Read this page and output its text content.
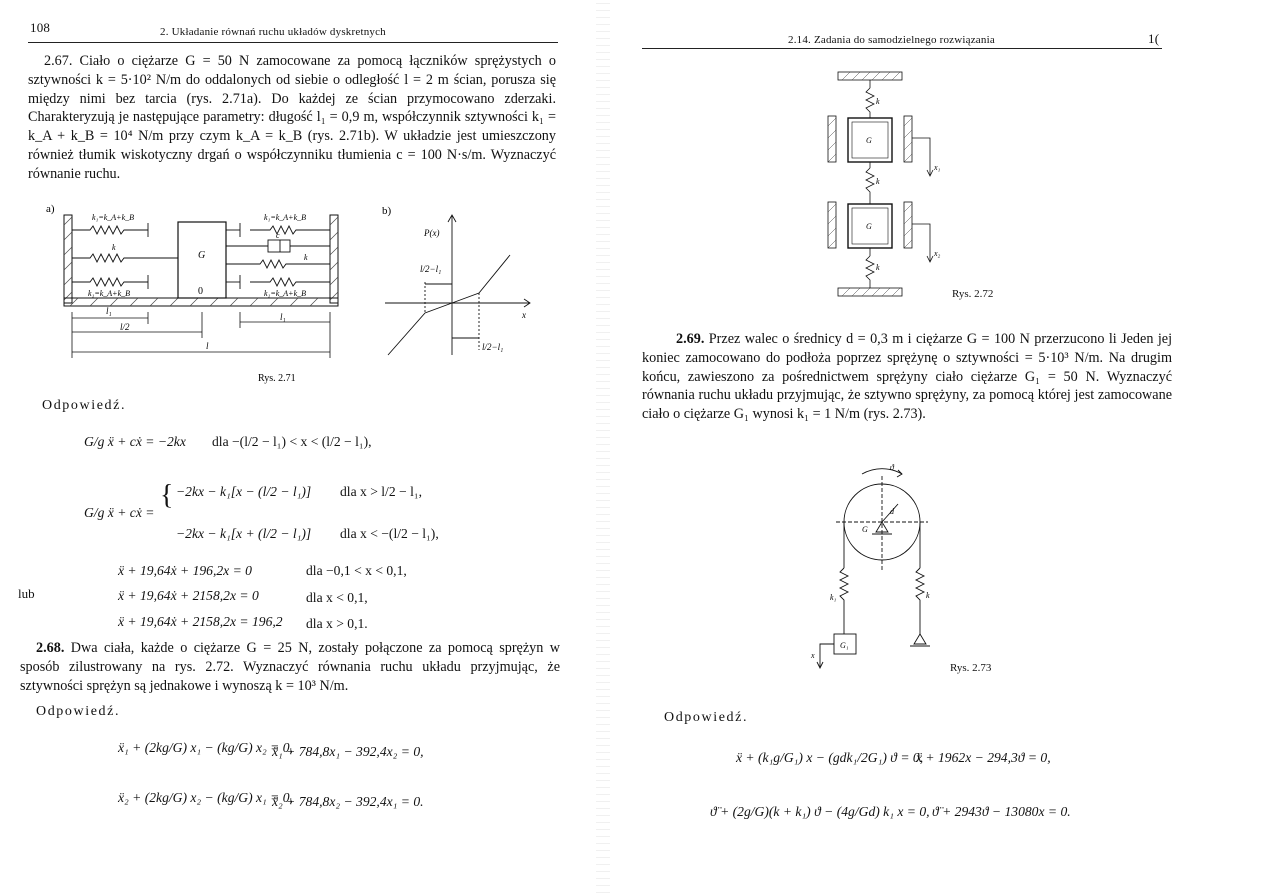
108	2. Układanie równań ruchu układów dyskretnych
2.67. Ciało o ciężarze G = 50 N zamocowane za pomocą łączników sprężystych o sztywności k = 5·10² N/m do oddalonych od siebie o odległość l = 2 m ścian, porusza się między nimi bez tarcia (rys. 2.71a). Do każdej ze ścian przymocowano zderzaki. Charakteryzują je następujące parametry: długość l₁ = 0,9 m, współczynnik sztywności k₁ = k_A + k_B = 10⁴ N/m przy czym k_A = k_B (rys. 2.71b). W układzie jest umieszczony również tłumik wiskotyczny drgań o współczynniku tłumienia c = 100 N·s/m. Wyznaczyć równanie ruchu.
a)	b)
G
0
k₁=k_A+k_B
k
k₁=k_A+k_B
k₁=k_A+k_B
c
k
k₁=k_A+k_B
l₁
l/2
l
l₁
P(x)
x
l/2−l₁
l/2−l₁
Rys. 2.71
Odpowiedź.
G/g ẍ + cẋ = −2kx dla −(l/2 − l₁) < x < (l/2 − l₁),
G/g ẍ + cẋ =
{ −2kx − k₁[x − (l/2 − l₁)] dla x > l/2 − l₁,
−2kx − k₁[x + (l/2 − l₁)] dla x < −(l/2 − l₁),
ẍ + 19,64ẋ + 196,2x = 0	dla −0,1 < x < 0,1,
lub	ẍ + 19,64ẋ + 2158,2x = 0	dla x < 0,1,
ẍ + 19,64ẋ + 2158,2x = 196,2 dla x > 0,1.
2.68. Dwa ciała, każde o ciężarze G = 25 N, zostały połączone za pomocą sprężyn w sposób zilustrowany na rys. 2.72. Wyznaczyć równania ruchu układu przyjmując, że sztywności sprężyn są jednakowe i wynoszą k = 10³ N/m.
Odpowiedź.
ẍ₁ + (2kg/G) x₁ − (kg/G) x₂ = 0,
ẍ₁ + 784,8x₁ − 392,4x₂ = 0,
ẍ₂ + (2kg/G) x₂ − (kg/G) x₁ = 0,
ẍ₂ + 784,8x₂ − 392,4x₁ = 0.
2.14. Zadania do samodzielnego rozwiązania	1(
k
G
x₁
k
G
x₂
k
Rys. 2.72
2.69. Przez walec o średnicy d = 0,3 m i ciężarze G = 100 N przerzucono li Jeden jej koniec zamocowano do podłoża poprzez sprężynę o sztywności = 5·10³ N/m. Na drugim końcu, zawieszono za pośrednictwem sprężyny ciało ciężarze G₁ = 50 N. Wyznaczyć równania ruchu układu przyjmując, że sztywno sprężyny, za pomocą której jest zamocowane ciało o ciężarze G₁ wynosi k₁ = 1 N/m (rys. 2.73).
ϑ
d
G
k₁	k
G₁
x
Rys. 2.73
Odpowiedź.
ẍ + (k₁g/G₁) x − (gdk₁/2G₁) ϑ = 0,
ẍ + 1962x − 294,3ϑ = 0,
ϑ̈ + (2g/G)(k + k₁) ϑ − (4g/Gd) k₁ x = 0, ϑ̈ + 2943ϑ − 13080x = 0.
